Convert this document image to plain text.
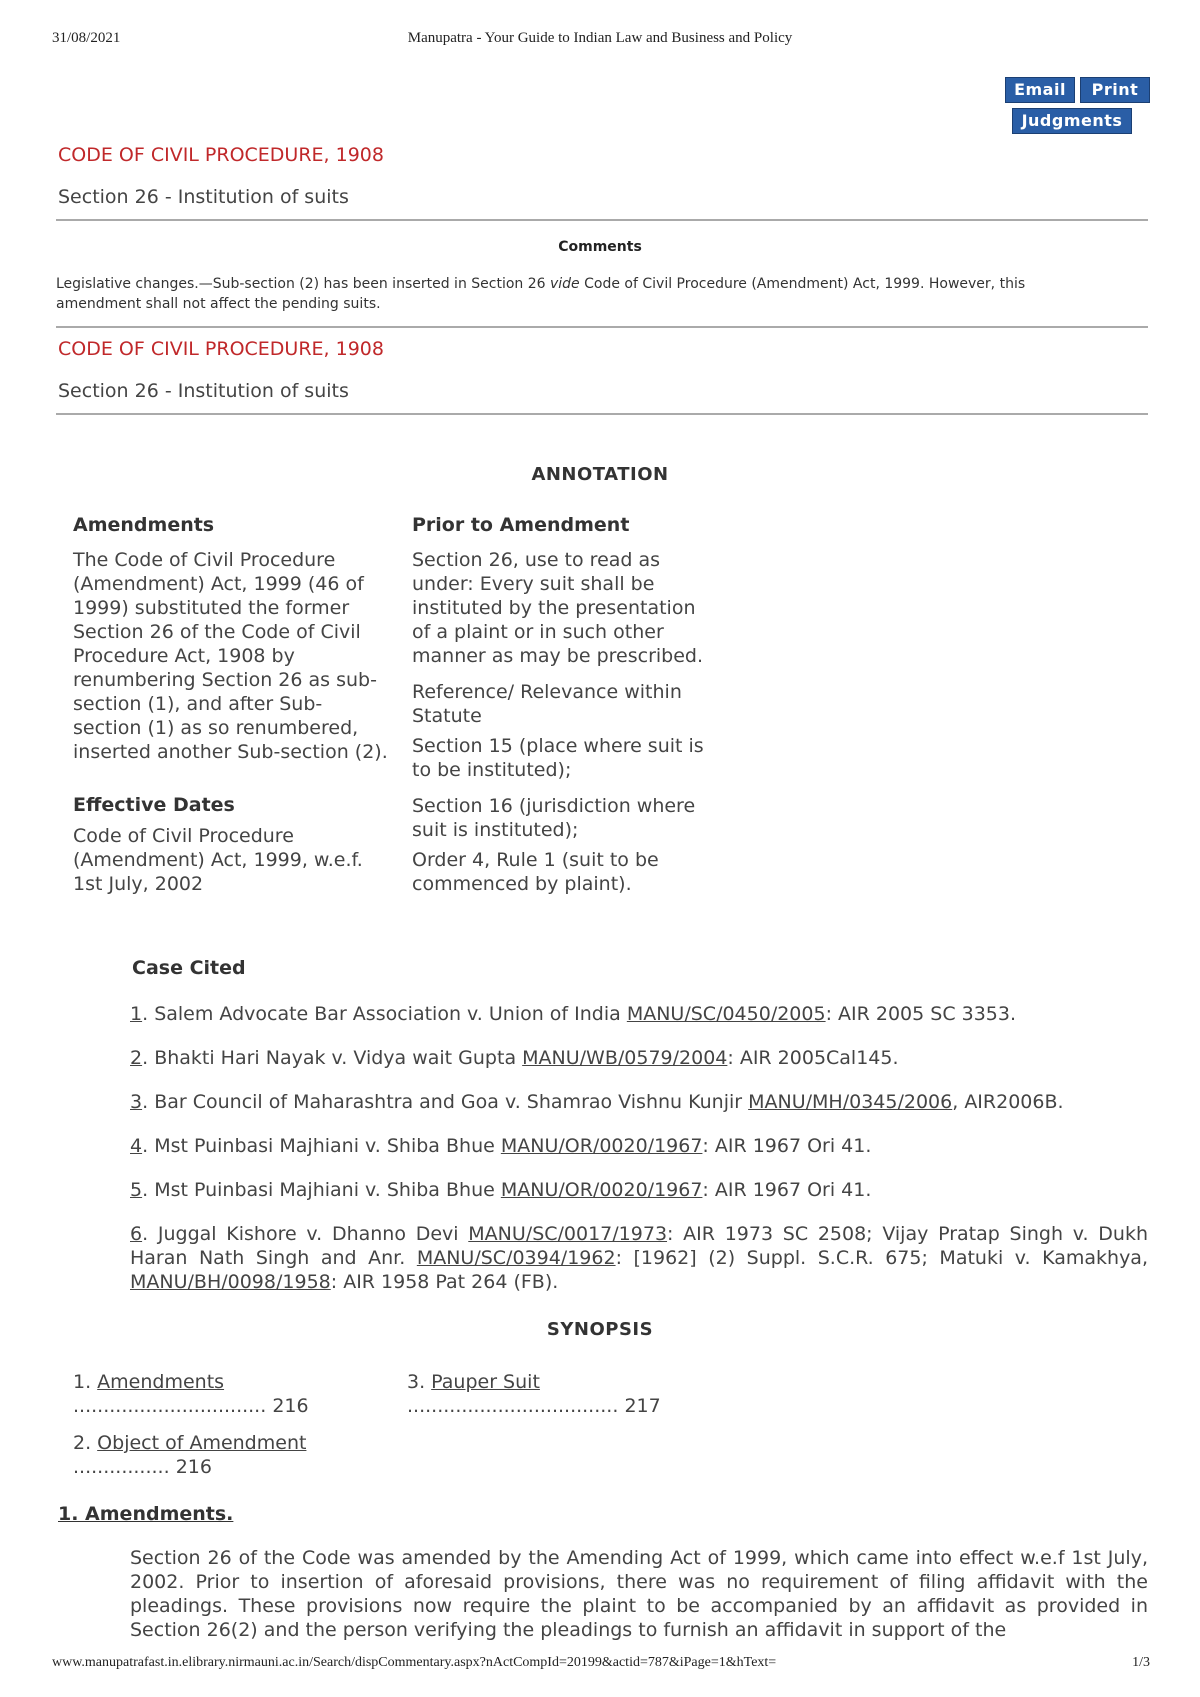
31/08/2021	Manupatra - Your Guide to Indian Law and Business and Policy
Email	Print
Judgments
CODE OF CIVIL PROCEDURE, 1908
Section 26 - Institution of suits
Comments
Legislative changes.—Sub-section (2) has been inserted in Section 26 vide Code of Civil Procedure (Amendment) Act, 1999. However, this amendment shall not affect the pending suits.
CODE OF CIVIL PROCEDURE, 1908
Section 26 - Institution of suits
ANNOTATION
Amendments

The Code of Civil Procedure (Amendment) Act, 1999 (46 of 1999) substituted the former Section 26 of the Code of Civil Procedure Act, 1908 by renumbering Section 26 as sub-section (1), and after Sub-section (1) as so renumbered, inserted another Sub-section (2).

Effective Dates

Code of Civil Procedure (Amendment) Act, 1999, w.e.f. 1st July, 2002

Prior to Amendment

Section 26, use to read as under: Every suit shall be instituted by the presentation of a plaint or in such other manner as may be prescribed.

Reference/ Relevance within Statute

Section 15 (place where suit is to be instituted);

Section 16 (jurisdiction where suit is instituted);

Order 4, Rule 1 (suit to be commenced by plaint).

Case Cited
1. Salem Advocate Bar Association v. Union of India MANU/SC/0450/2005: AIR 2005 SC 3353.
2. Bhakti Hari Nayak v. Vidya wait Gupta MANU/WB/0579/2004: AIR 2005Cal145.
3. Bar Council of Maharashtra and Goa v. Shamrao Vishnu Kunjir MANU/MH/0345/2006, AIR2006B.
4. Mst Puinbasi Majhiani v. Shiba Bhue MANU/OR/0020/1967: AIR 1967 Ori 41.
5. Mst Puinbasi Majhiani v. Shiba Bhue MANU/OR/0020/1967: AIR 1967 Ori 41.
6. Juggal Kishore v. Dhanno Devi MANU/SC/0017/1973: AIR 1973 SC 2508; Vijay Pratap Singh v. Dukh Haran Nath Singh and Anr. MANU/SC/0394/1962: [1962] (2) Suppl. S.C.R. 675; Matuki v. Kamakhya, MANU/BH/0098/1958: AIR 1958 Pat 264 (FB).
SYNOPSIS
1. Amendments
................................ 216
2. Object of Amendment
................ 216
3. Pauper Suit
................................... 217
1. Amendments.
Section 26 of the Code was amended by the Amending Act of 1999, which came into effect w.e.f 1st July, 2002. Prior to insertion of aforesaid provisions, there was no requirement of filing affidavit with the pleadings. These provisions now require the plaint to be accompanied by an affidavit as provided in Section 26(2) and the person verifying the pleadings to furnish an affidavit in support of the
www.manupatrafast.in.elibrary.nirmauni.ac.in/Search/dispCommentary.aspx?nActCompId=20199&actid=787&iPage=1&hText=	1/3
